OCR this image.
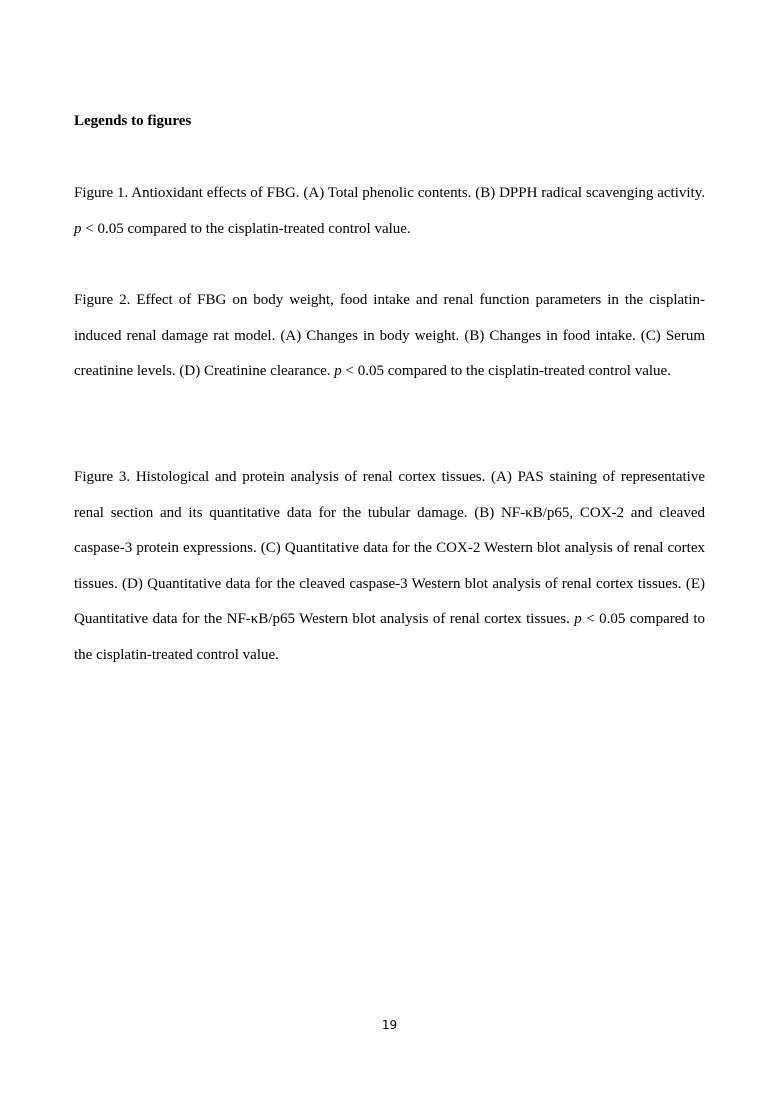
Legends to figures

Figure 1. Antioxidant effects of FBG. (A) Total phenolic contents. (B) DPPH radical scavenging activity. p < 0.05 compared to the cisplatin-treated control value.

Figure 2. Effect of FBG on body weight, food intake and renal function parameters in the cisplatin-induced renal damage rat model. (A) Changes in body weight. (B) Changes in food intake. (C) Serum creatinine levels. (D) Creatinine clearance. p < 0.05 compared to the cisplatin-treated control value.

Figure 3. Histological and protein analysis of renal cortex tissues. (A) PAS staining of representative renal section and its quantitative data for the tubular damage. (B) NF-κB/p65, COX-2 and cleaved caspase-3 protein expressions. (C) Quantitative data for the COX-2 Western blot analysis of renal cortex tissues. (D) Quantitative data for the cleaved caspase-3 Western blot analysis of renal cortex tissues. (E) Quantitative data for the NF-κB/p65 Western blot analysis of renal cortex tissues. p < 0.05 compared to the cisplatin-treated control value.

19
